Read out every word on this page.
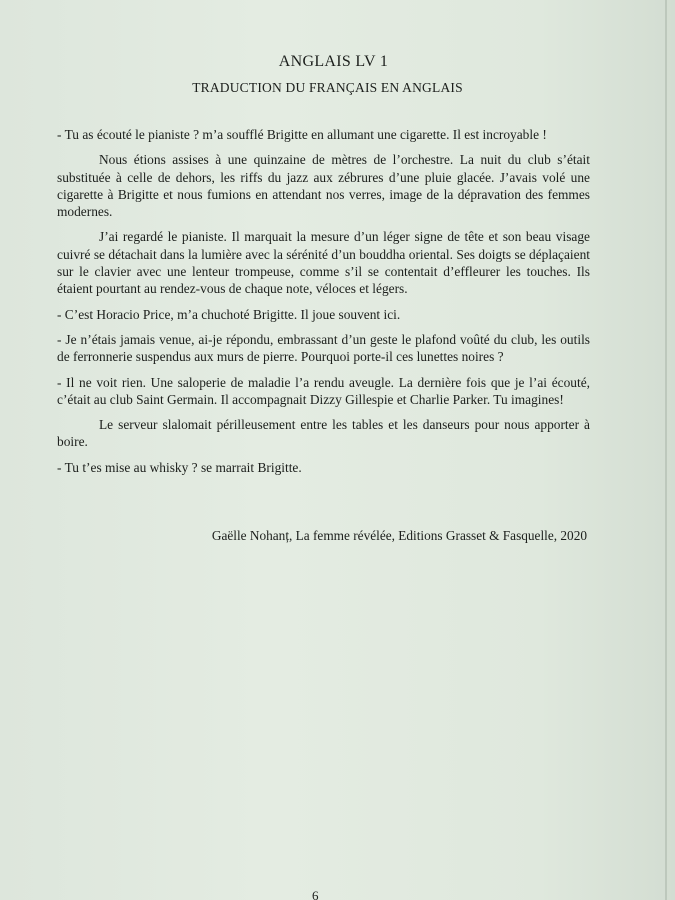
ANGLAIS LV 1
TRADUCTION DU FRANÇAIS EN ANGLAIS

- Tu as écouté le pianiste ? m’a soufflé Brigitte en allumant une cigarette. Il est incroyable !

Nous étions assises à une quinzaine de mètres de l’orchestre. La nuit du club s’était substituée à celle de dehors, les riffs du jazz aux zébrures d’une pluie glacée. J’avais volé une cigarette à Brigitte et nous fumions en attendant nos verres, image de la dépravation des femmes modernes.

J’ai regardé le pianiste. Il marquait la mesure d’un léger signe de tête et son beau visage cuivré se détachait dans la lumière avec la sérénité d’un bouddha oriental. Ses doigts se déplaçaient sur le clavier avec une lenteur trompeuse, comme s’il se contentait d’effleurer les touches. Ils étaient pourtant au rendez-vous de chaque note, véloces et légers.

- C’est Horacio Price, m’a chuchoté Brigitte. Il joue souvent ici.

- Je n’étais jamais venue, ai-je répondu, embrassant d’un geste le plafond voûté du club, les outils de ferronnerie suspendus aux murs de pierre. Pourquoi porte-il ces lunettes noires ?

- Il ne voit rien. Une saloperie de maladie l’a rendu aveugle. La dernière fois que je l’ai écouté, c’était au club Saint Germain. Il accompagnait Dizzy Gillespie et Charlie Parker. Tu imagines!

Le serveur slalomait périlleusement entre les tables et les danseurs pour nous apporter à boire.

- Tu t’es mise au whisky ? se marrait Brigitte.

Gaëlle Nohanț, La femme révélée, Editions Grasset & Fasquelle, 2020
6
